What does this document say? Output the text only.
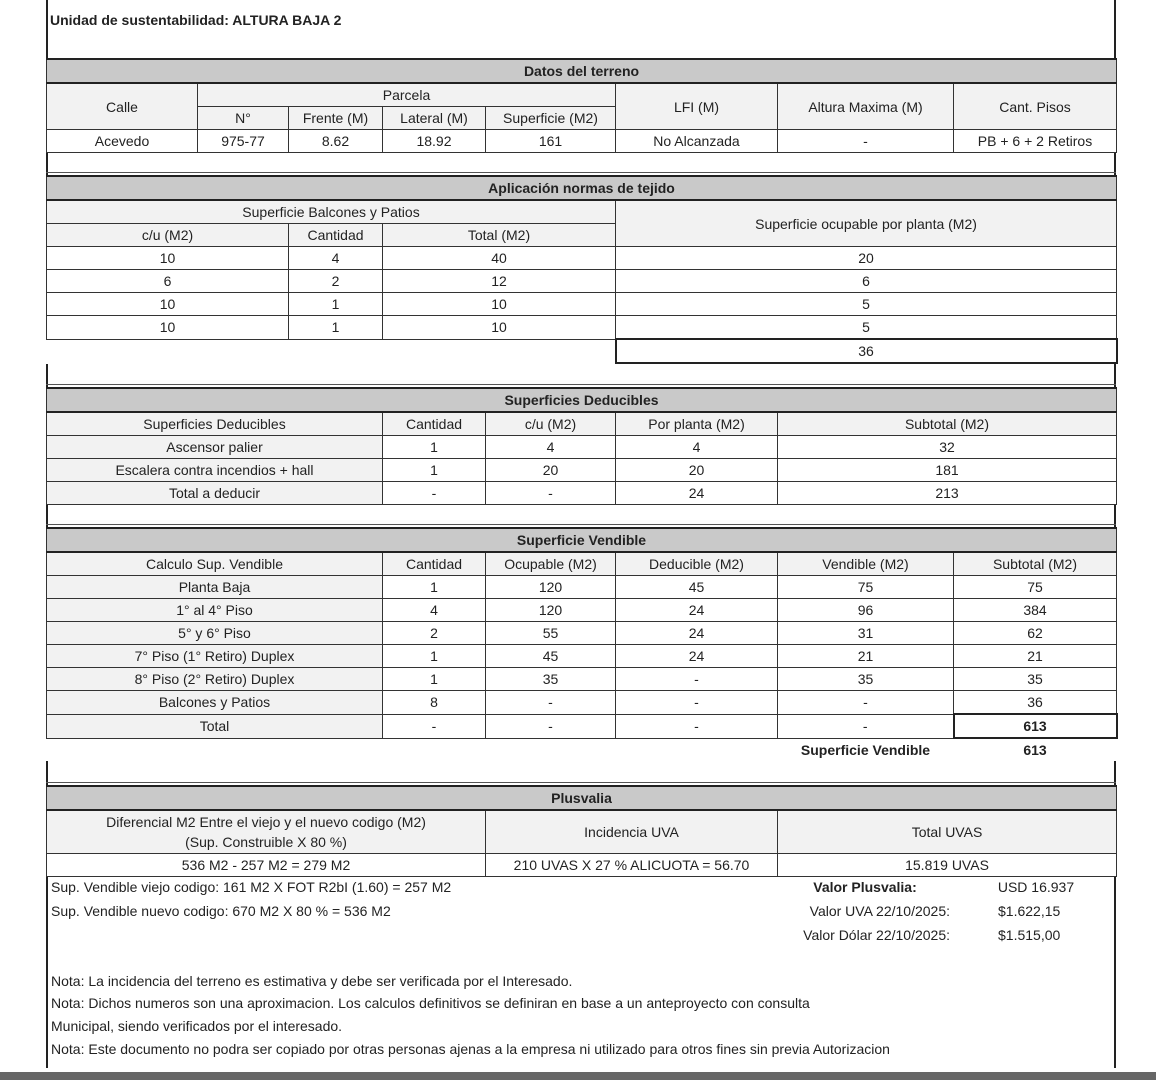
Unidad de sustentabilidad: ALTURA BAJA 2
Datos del terreno							
Calle	Parcela				LFI (M)	Altura Maxima (M)	Cant. Pisos
	N°	Frente (M)	Lateral (M)	Superficie (M2)			
Acevedo	975-77	8.62	18.92	161	No Alcanzada	-	PB + 6 + 2 Retiros
Aplicación normas de tejido			
Superficie Balcones y Patios			Superficie ocupable por planta (M2)
c/u (M2)	Cantidad	Total (M2)	
10	4	40	20
6	2	12	6
10	1	10	5
10	1	10	5
			36
Superficies Deducibles				
Superficies Deducibles	Cantidad	c/u (M2)	Por planta (M2)	Subtotal (M2)
Ascensor palier	1	4	4	32
Escalera contra incendios + hall	1	20	20	181
Total a deducir	-	-	24	213
Superficie Vendible					
Calculo Sup. Vendible	Cantidad	Ocupable (M2)	Deducible (M2)	Vendible (M2)	Subtotal (M2)
Planta Baja	1	120	45	75	75
1° al 4° Piso	4	120	24	96	384
5° y 6° Piso	2	55	24	31	62
7° Piso (1° Retiro) Duplex	1	45	24	21	21
8° Piso (2° Retiro) Duplex	1	35	-	35	35
Balcones y Patios	8	-	-	-	36
Total	-	-	-	-	613
				Superficie Vendible	613
Plusvalia		

Diferencial M2 Entre el viejo y el nuevo codigo (M2)
(Sup. Construible X 80 %)	Incidencia UVA	Total UVAS
536 M2 - 257 M2 = 279 M2	210 UVAS X 27 % ALICUOTA = 56.70	15.819 UVAS
Sup. Vendible viejo codigo: 161 M2 X FOT R2bI (1.60) = 257 M2
Sup. Vendible nuevo codigo: 670 M2 X 80 % = 536 M2
Valor Plusvalia:	USD 16.937
Valor UVA 22/10/2025:	$1.622,15
Valor Dólar 22/10/2025:	$1.515,00
Nota: La incidencia del terreno es estimativa y debe ser verificada por el Interesado.
Nota: Dichos numeros son una aproximacion. Los calculos definitivos se definiran en base a un anteproyecto con consulta
Municipal, siendo verificados por el interesado.
Nota: Este documento no podra ser copiado por otras personas ajenas a la empresa ni utilizado para otros fines sin previa Autorizacion
